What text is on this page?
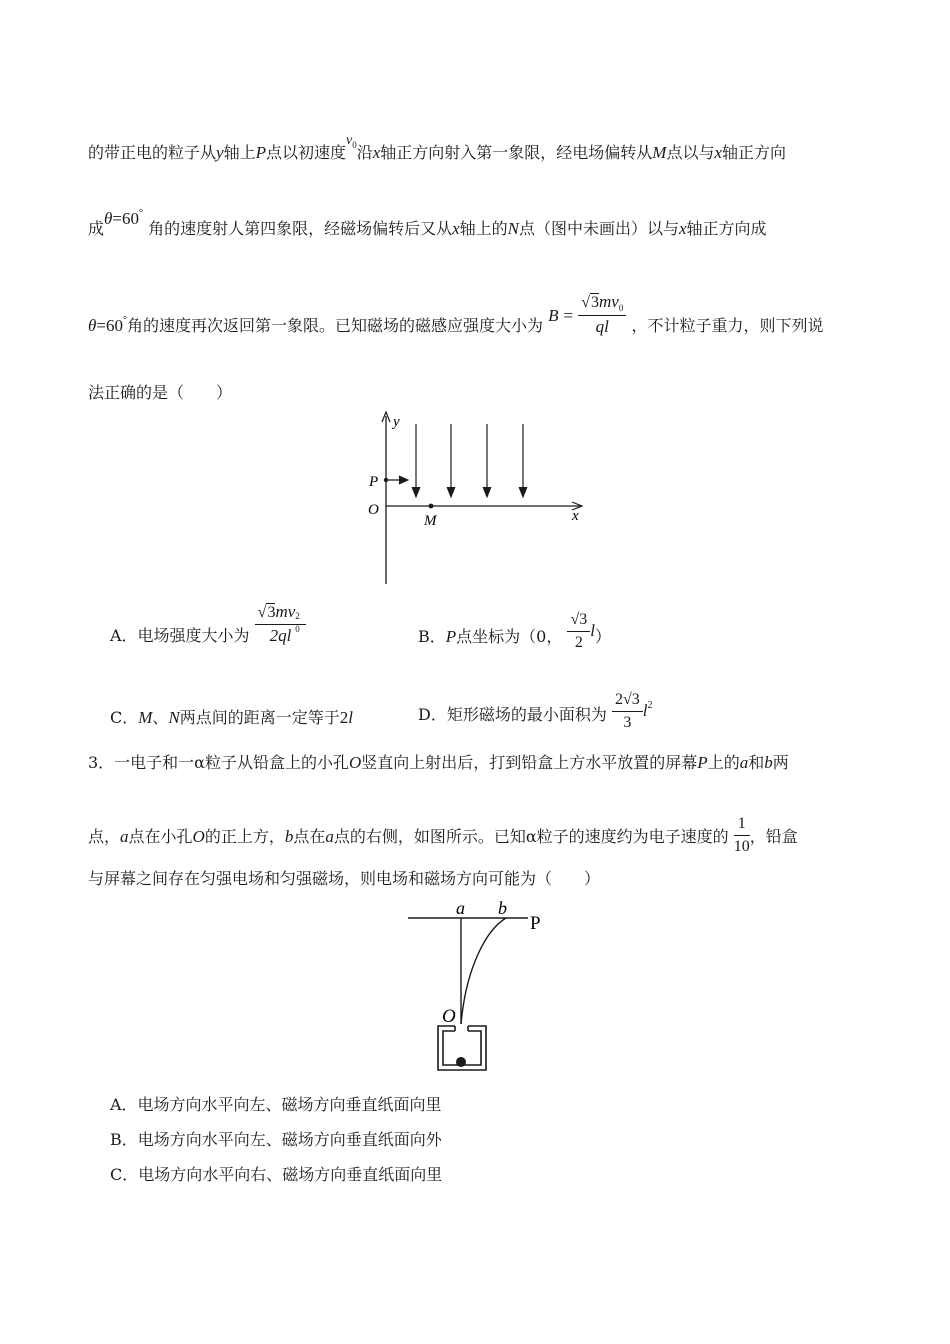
的带正电的粒子从y轴上P点以初速度$v_0$沿x轴正方向射入第一象限，经电场偏转从M点以与x轴正方向
成θ=60° 角的速度射人第四象限，经磁场偏转后又从x轴上的N点（图中未画出）以与x轴正方向成
θ=60°角的速度再次返回第一象限。已知磁场的磁感应强度大小为 $B = \frac{√3mv_0}{ql}$ ，不计粒子重力，则下列说
法正确的是（　　）
y
x
O
P
M
A．电场强度大小为 √3mv 2
0
2ql	B．P点坐标为（0， $\frac{√3}{2} l$）
C．M、N两点间的距离一定等于2l	D．矩形磁场的最小面积为 $\frac{2√3}{3} l^2$
3．一电子和一α粒子从铅盒上的小孔O竖直向上射出后，打到铅盒上方水平放置的屏幕P上的a和b两
点，a点在小孔O的正上方，b点在a点的右侧，如图所示。已知α粒子的速度约为电子速度的 $\frac{1}{10}$ ，铅盒
与屏幕之间存在匀强电场和匀强磁场，则电场和磁场方向可能为（　　）
a b
P
O
A．电场方向水平向左、磁场方向垂直纸面向里
B．电场方向水平向左、磁场方向垂直纸面向外
C．电场方向水平向右、磁场方向垂直纸面向里
